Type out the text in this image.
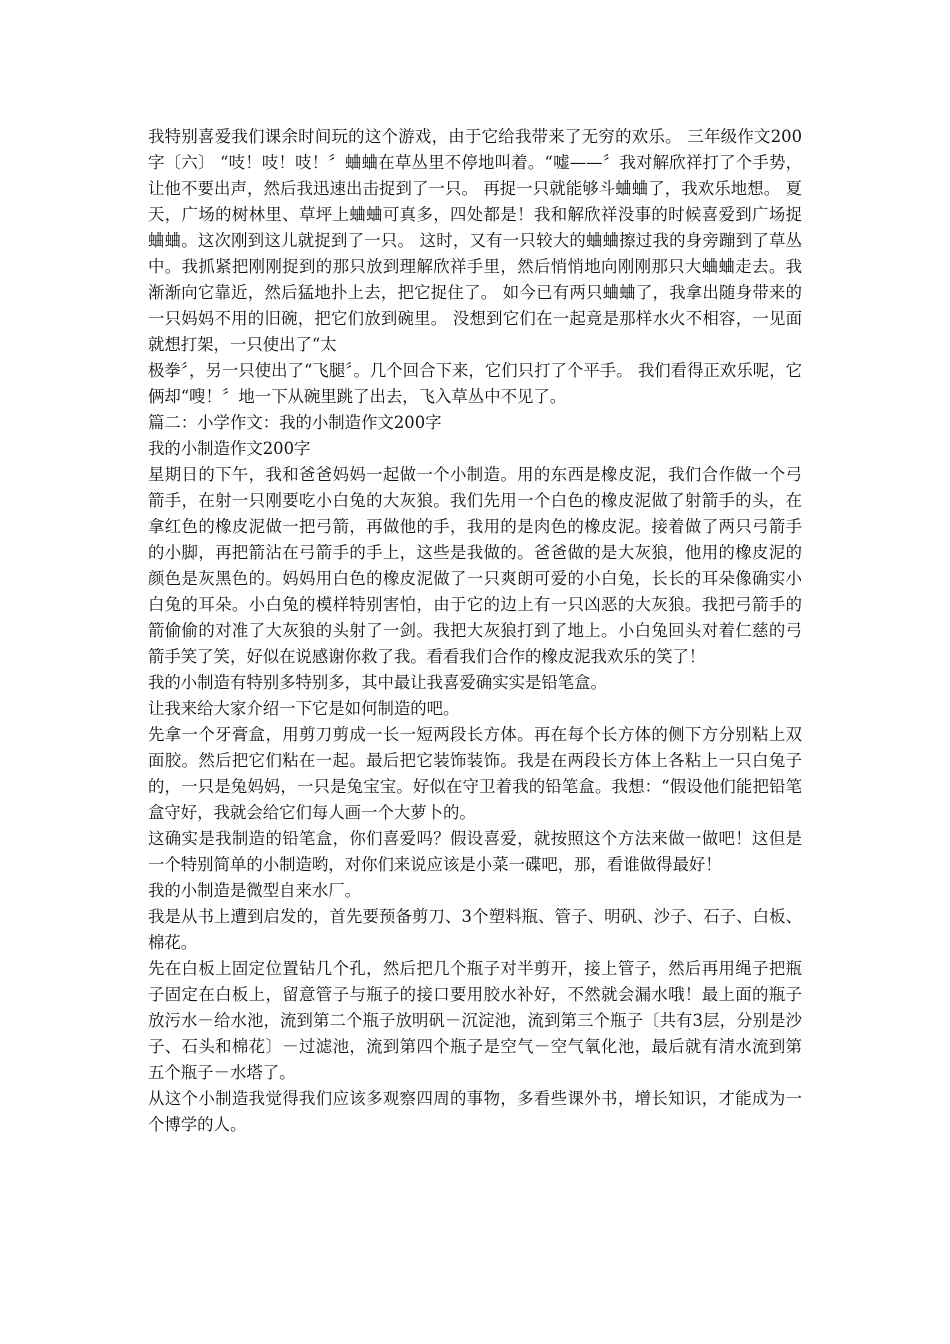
我特别喜爱我们课余时间玩的这个游戏，由于它给我带来了无穷的欢乐。 三年级作文200字〔六〕 “吱！吱！吱！〞蛐蛐在草丛里不停地叫着。“嘘——〞我对解欣祥打了个手势，让他不要出声，然后我迅速出击捉到了一只。 再捉一只就能够斗蛐蛐了，我欢乐地想。 夏天，广场的树林里、草坪上蛐蛐可真多，四处都是！我和解欣祥没事的时候喜爱到广场捉蛐蛐。这次刚到这儿就捉到了一只。 这时，又有一只较大的蛐蛐擦过我的身旁蹦到了草丛中。我抓紧把刚刚捉到的那只放到理解欣祥手里，然后悄悄地向刚刚那只大蛐蛐走去。我渐渐向它靠近，然后猛地扑上去，把它捉住了。 如今已有两只蛐蛐了，我拿出随身带来的一只妈妈不用的旧碗，把它们放到碗里。 没想到它们在一起竟是那样水火不相容，一见面就想打架，一只使出了“太

极拳〞，另一只使出了“飞腿〞。几个回合下来，它们只打了个平手。 我们看得正欢乐呢，它俩却“嗖！〞地一下从碗里跳了出去，飞入草丛中不见了。

篇二：小学作文：我的小制造作文200字

我的小制造作文200字

星期日的下午，我和爸爸妈妈一起做一个小制造。用的东西是橡皮泥，我们合作做一个弓箭手，在射一只刚要吃小白兔的大灰狼。我们先用一个白色的橡皮泥做了射箭手的头，在拿红色的橡皮泥做一把弓箭，再做他的手，我用的是肉色的橡皮泥。接着做了两只弓箭手的小脚，再把箭沾在弓箭手的手上，这些是我做的。爸爸做的是大灰狼，他用的橡皮泥的颜色是灰黑色的。妈妈用白色的橡皮泥做了一只爽朗可爱的小白兔，长长的耳朵像确实小白兔的耳朵。小白兔的模样特别害怕，由于它的边上有一只凶恶的大灰狼。我把弓箭手的箭偷偷的对准了大灰狼的头射了一剑。我把大灰狼打到了地上。小白兔回头对着仁慈的弓箭手笑了笑，好似在说感谢你救了我。看看我们合作的橡皮泥我欢乐的笑了！

我的小制造有特别多特别多，其中最让我喜爱确实实是铅笔盒。

让我来给大家介绍一下它是如何制造的吧。

先拿一个牙膏盒，用剪刀剪成一长一短两段长方体。再在每个长方体的侧下方分别粘上双面胶。然后把它们粘在一起。最后把它装饰装饰。我是在两段长方体上各粘上一只白兔子的，一只是兔妈妈，一只是兔宝宝。好似在守卫着我的铅笔盒。我想：“假设他们能把铅笔盒守好，我就会给它们每人画一个大萝卜的。

这确实是我制造的铅笔盒，你们喜爱吗？假设喜爱，就按照这个方法来做一做吧！这但是一个特别简单的小制造哟，对你们来说应该是小菜一碟吧，那，看谁做得最好！

我的小制造是微型自来水厂。

我是从书上遭到启发的，首先要预备剪刀、3个塑料瓶、管子、明矾、沙子、石子、白板、棉花。

先在白板上固定位置钻几个孔，然后把几个瓶子对半剪开，接上管子，然后再用绳子把瓶子固定在白板上，留意管子与瓶子的接口要用胶水补好，不然就会漏水哦！最上面的瓶子放污水－给水池，流到第二个瓶子放明矾－沉淀池，流到第三个瓶子〔共有3层，分别是沙子、石头和棉花〕－过滤池，流到第四个瓶子是空气－空气氧化池，最后就有清水流到第五个瓶子－水塔了。

从这个小制造我觉得我们应该多观察四周的事物，多看些课外书，增长知识，才能成为一个博学的人。
